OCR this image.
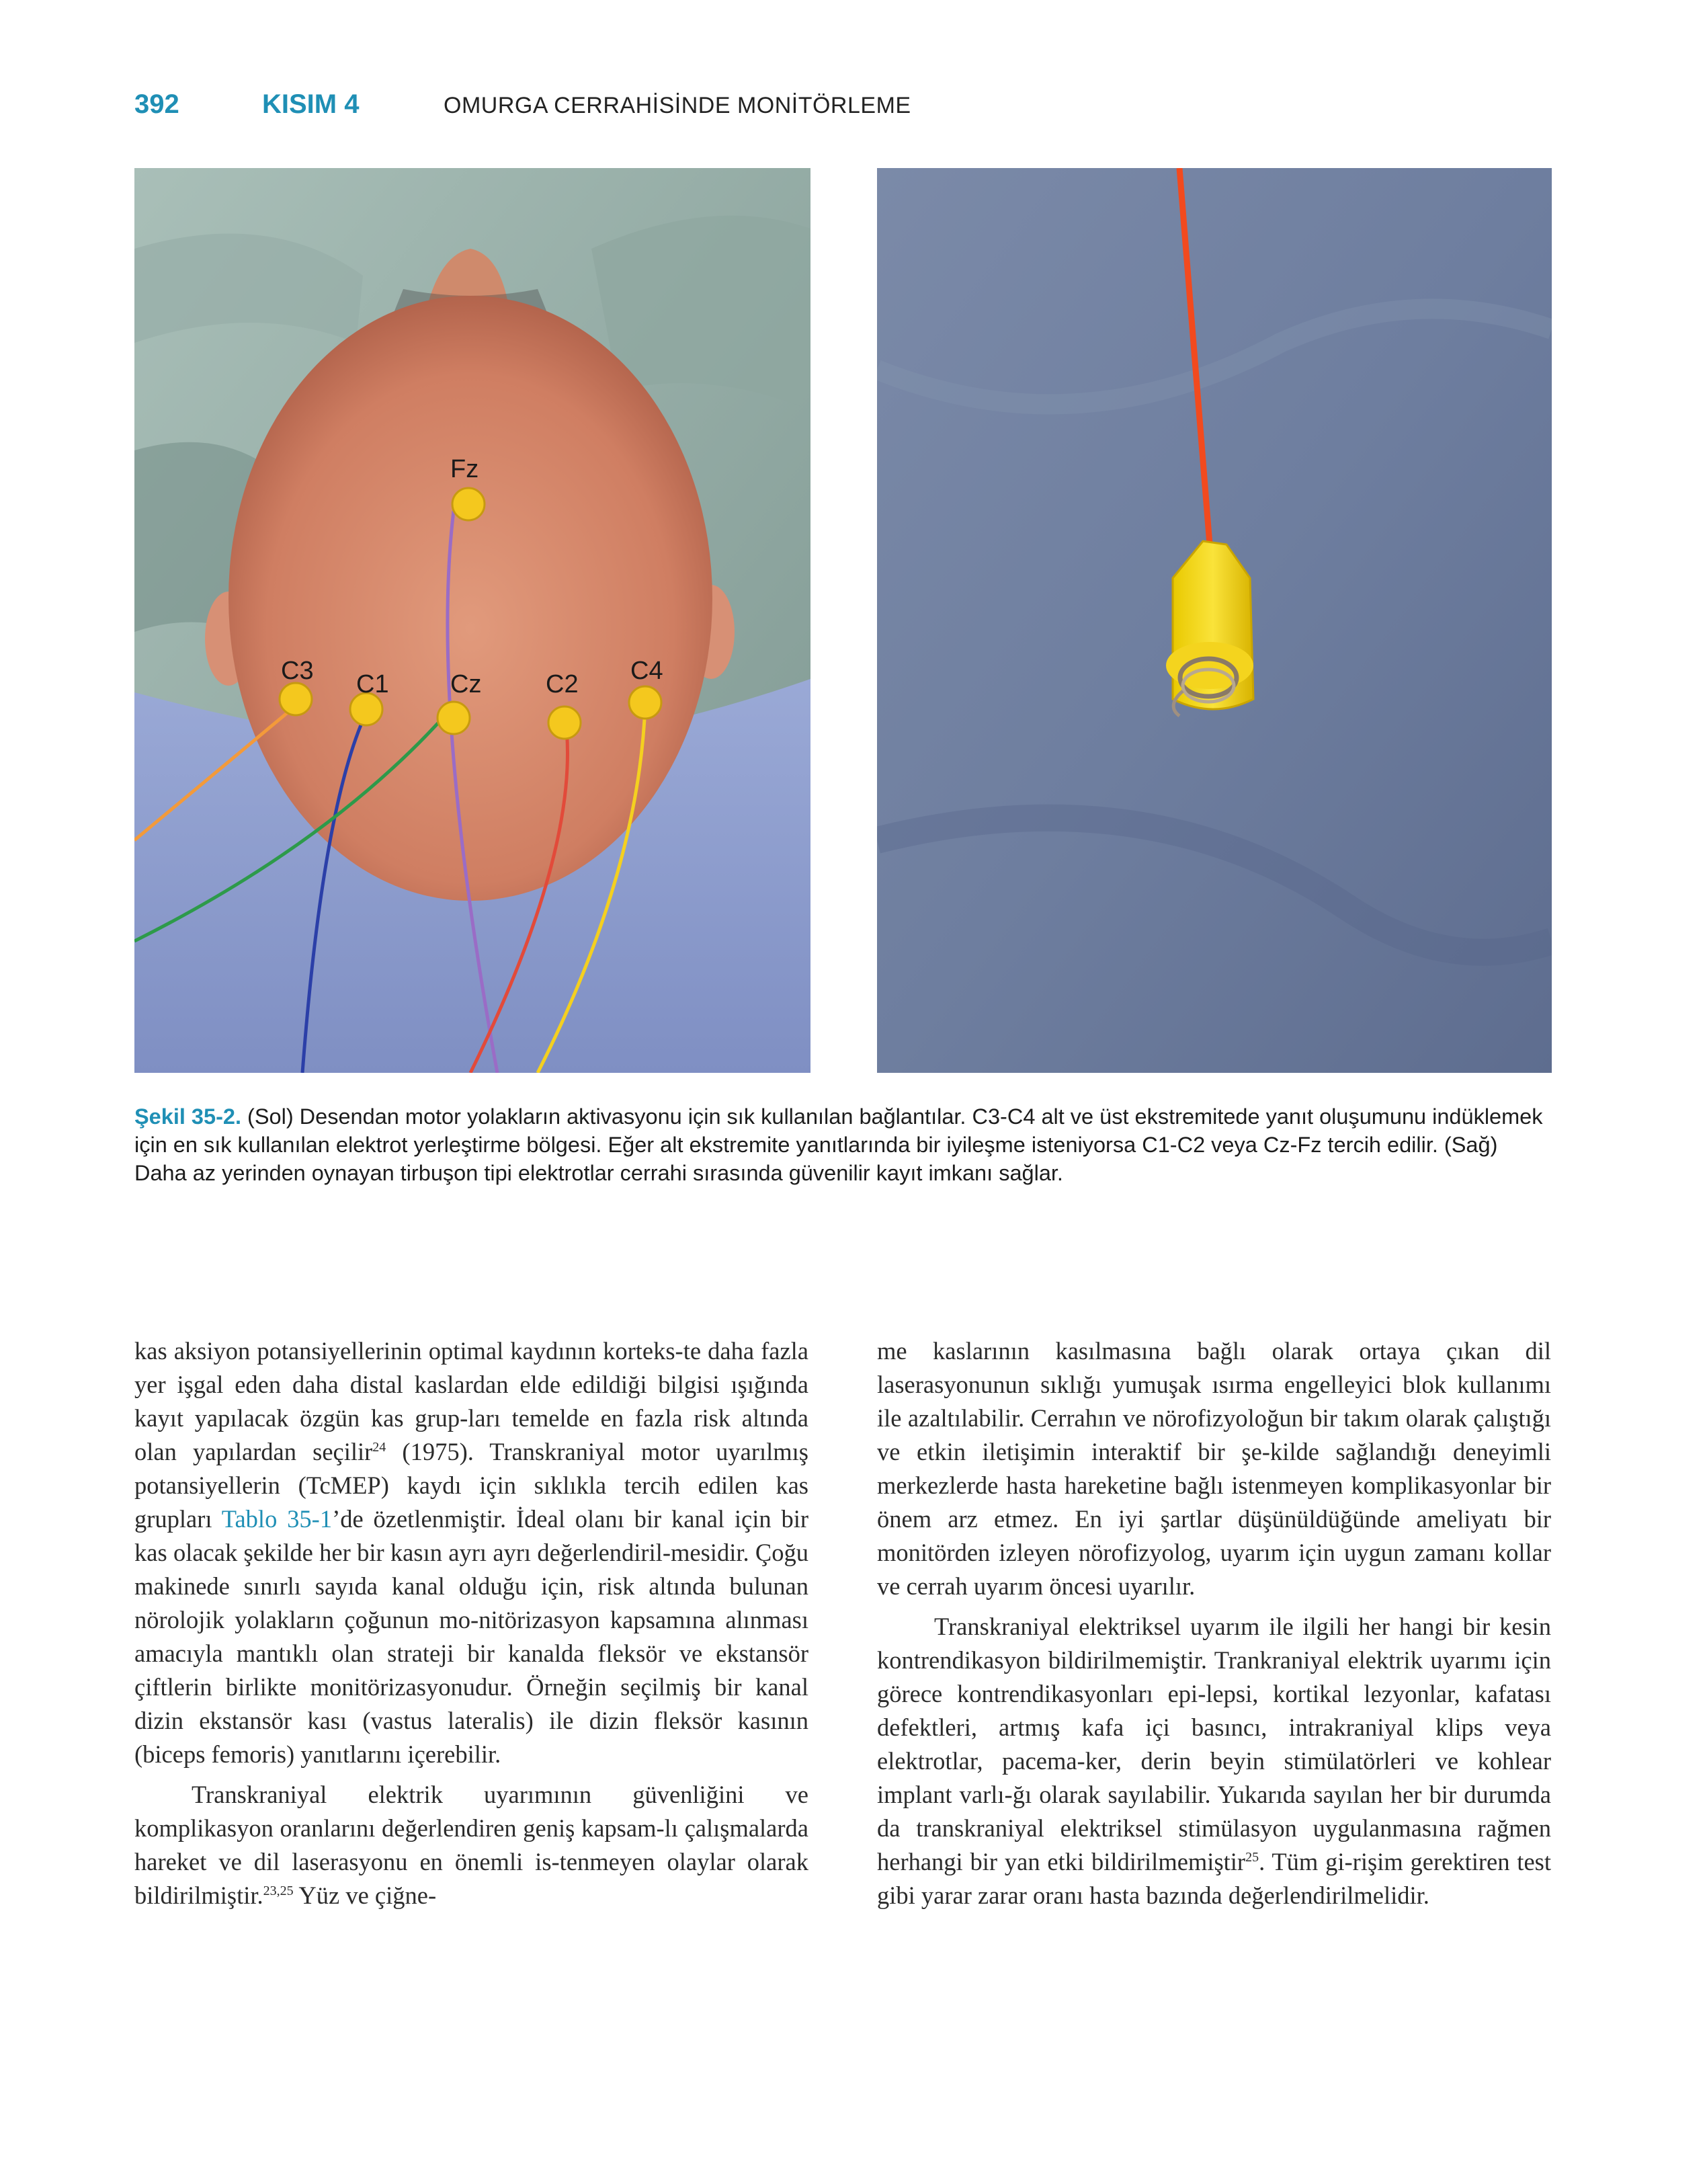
392	KISIM 4	OMURGA CERRAHİSİNDE MONİTÖRLEME
Fz
C3 C1 Cz	C2 C4
Şekil 35-2. (Sol) Desendan motor yolakların aktivasyonu için sık kullanılan bağlantılar. C3-C4 alt ve üst ekstremitede yanıt oluşumunu indüklemek için en sık kullanılan elektrot yerleştirme bölgesi. Eğer alt ekstremite yanıtlarında bir iyileşme isteniyorsa C1-C2 veya Cz-Fz tercih edilir. (Sağ) Daha az yerinden oynayan tirbuşon tipi elektrotlar cerrahi sırasında güvenilir kayıt imkanı sağlar.

kas aksiyon potansiyellerinin optimal kaydının korteks-te daha fazla yer işgal eden daha distal kaslardan elde edildiği bilgisi ışığında kayıt yapılacak özgün kas grup-ları temelde en fazla risk altında olan yapılardan seçilir$^{24}$ (1975). Transkraniyal motor uyarılmış potansiyellerin (TcMEP) kaydı için sıklıkla tercih edilen kas grupları Tablo 35-1’de özetlenmiştir. İdeal olanı bir kanal için bir kas olacak şekilde her bir kasın ayrı ayrı değerlendiril-mesidir. Çoğu makinede sınırlı sayıda kanal olduğu için, risk altında bulunan nörolojik yolakların çoğunun mo-nitörizasyon kapsamına alınması amacıyla mantıklı olan strateji bir kanalda fleksör ve ekstansör çiftlerin birlikte monitörizasyonudur. Örneğin seçilmiş bir kanal dizin ekstansör kası (vastus lateralis) ile dizin fleksör kasının (biceps femoris) yanıtlarını içerebilir.

Transkraniyal elektrik uyarımının güvenliğini ve komplikasyon oranlarını değerlendiren geniş kapsam-lı çalışmalarda hareket ve dil laserasyonu en önemli is-tenmeyen olaylar olarak bildirilmiştir.$^{23,25}$ Yüz ve çiğne-

me kaslarının kasılmasına bağlı olarak ortaya çıkan dil laserasyonunun sıklığı yumuşak ısırma engelleyici blok kullanımı ile azaltılabilir. Cerrahın ve nörofizyoloğun bir takım olarak çalıştığı ve etkin iletişimin interaktif bir şe-kilde sağlandığı deneyimli merkezlerde hasta hareketine bağlı istenmeyen komplikasyonlar bir önem arz etmez. En iyi şartlar düşünüldüğünde ameliyatı bir monitörden izleyen nörofizyolog, uyarım için uygun zamanı kollar ve cerrah uyarım öncesi uyarılır.

Transkraniyal elektriksel uyarım ile ilgili her hangi bir kesin kontrendikasyon bildirilmemiştir. Trankraniyal elektrik uyarımı için görece kontrendikasyonları epi-lepsi, kortikal lezyonlar, kafatası defektleri, artmış kafa içi basıncı, intrakraniyal klips veya elektrotlar, pacema-ker, derin beyin stimülatörleri ve kohlear implant varlı-ğı olarak sayılabilir. Yukarıda sayılan her bir durumda da transkraniyal elektriksel stimülasyon uygulanmasına rağmen herhangi bir yan etki bildirilmemiştir$^{25}$. Tüm gi-rişim gerektiren test gibi yarar zarar oranı hasta bazında değerlendirilmelidir.
